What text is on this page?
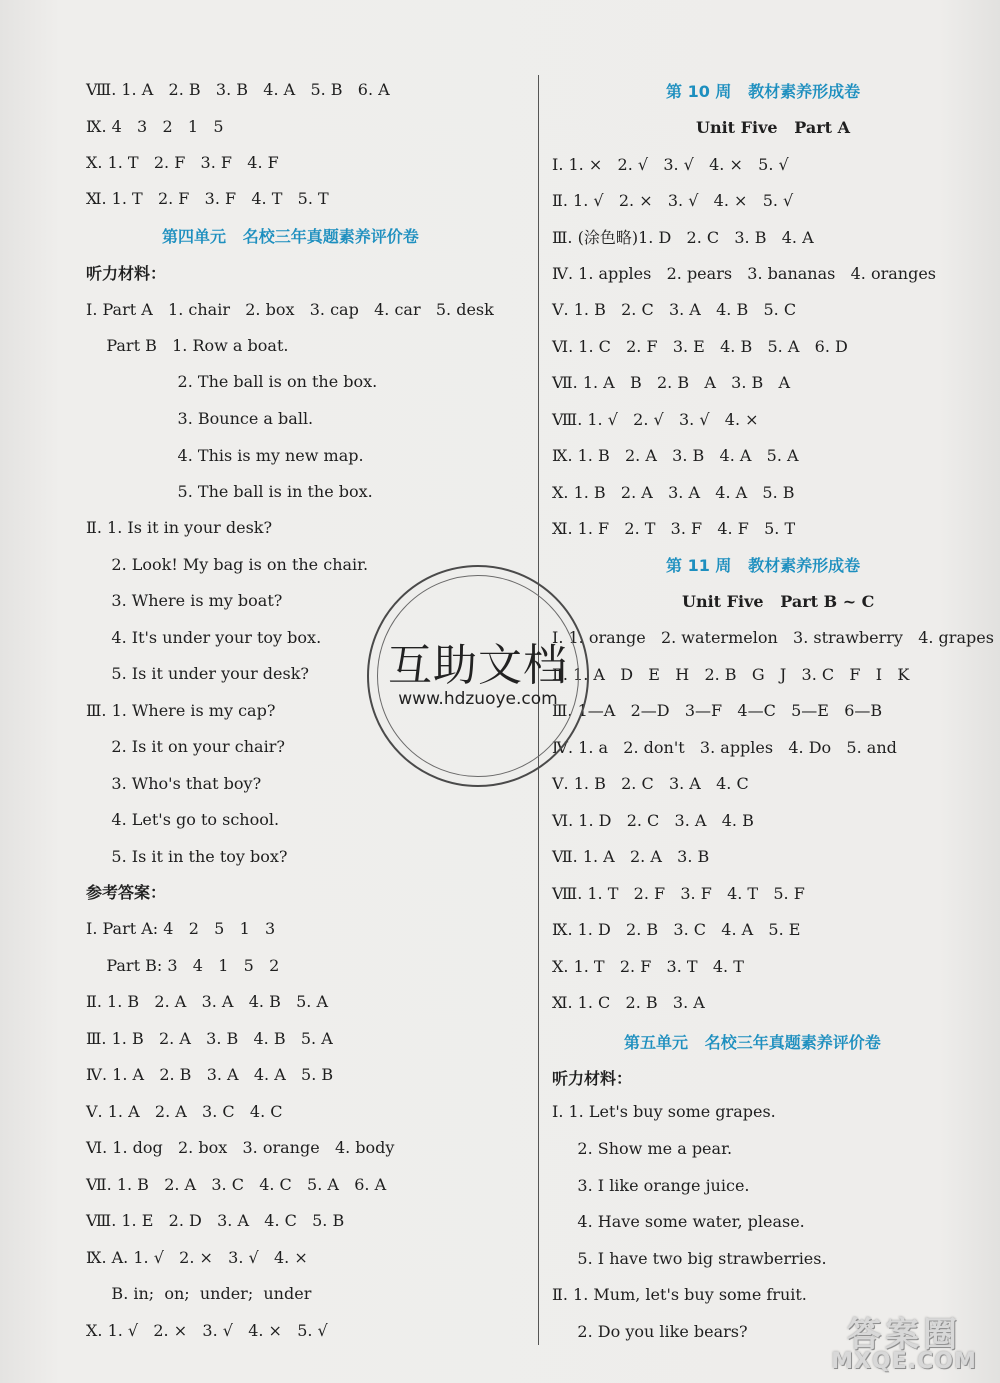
Ⅷ. 1. A   2. B   3. B   4. A   5. B   6. A
Ⅸ. 4   3   2   1   5
Ⅹ. 1. T   2. F   3. F   4. F
Ⅺ. 1. T   2. F   3. F   4. T   5. T
第四单元   名校三年真题素养评价卷
听力材料：
Ⅰ. Part A   1. chair   2. box   3. cap   4. car   5. desk
Part B   1. Row a boat.
2. The ball is on the box.
3. Bounce a ball.
4. This is my new map.
5. The ball is in the box.
Ⅱ. 1. Is it in your desk?
2. Look! My bag is on the chair.
3. Where is my boat?
4. It's under your toy box.
5. Is it under your desk?
Ⅲ. 1. Where is my cap?
2. Is it on your chair?
3. Who's that boy?
4. Let's go to school.
5. Is it in the toy box?
参考答案：
Ⅰ. Part A: 4   2   5   1   3
Part B: 3   4   1   5   2
Ⅱ. 1. B   2. A   3. A   4. B   5. A
Ⅲ. 1. B   2. A   3. B   4. B   5. A
Ⅳ. 1. A   2. B   3. A   4. A   5. B
Ⅴ. 1. A   2. A   3. C   4. C
Ⅵ. 1. dog   2. box   3. orange   4. body
Ⅶ. 1. B   2. A   3. C   4. C   5. A   6. A
Ⅷ. 1. E   2. D   3. A   4. C   5. B
Ⅸ. A. 1. √   2. ×   3. √   4. ×
B. in;  on;  under;  under
Ⅹ. 1. √   2. ×   3. √   4. ×   5. √
第 10 周   教材素养形成卷
Unit Five   Part A
Ⅰ. 1. ×   2. √   3. √   4. ×   5. √
Ⅱ. 1. √   2. ×   3. √   4. ×   5. √
Ⅲ. (涂色略)1. D   2. C   3. B   4. A
Ⅳ. 1. apples   2. pears   3. bananas   4. oranges
Ⅴ. 1. B   2. C   3. A   4. B   5. C
Ⅵ. 1. C   2. F   3. E   4. B   5. A   6. D
Ⅶ. 1. A   B   2. B   A   3. B   A
Ⅷ. 1. √   2. √   3. √   4. ×
Ⅸ. 1. B   2. A   3. B   4. A   5. A
Ⅹ. 1. B   2. A   3. A   4. A   5. B
Ⅺ. 1. F   2. T   3. F   4. F   5. T
第 11 周   教材素养形成卷
Unit Five   Part B ~ C
Ⅰ. 1. orange   2. watermelon   3. strawberry   4. grapes
Ⅱ. 1. A   D   E   H   2. B   G   J   3. C   F   I   K
Ⅲ. 1—A   2—D   3—F   4—C   5—E   6—B
Ⅳ. 1. a   2. don't   3. apples   4. Do   5. and
Ⅴ. 1. B   2. C   3. A   4. C
Ⅵ. 1. D   2. C   3. A   4. B
Ⅶ. 1. A   2. A   3. B
Ⅷ. 1. T   2. F   3. F   4. T   5. F
Ⅸ. 1. D   2. B   3. C   4. A   5. E
Ⅹ. 1. T   2. F   3. T   4. T
Ⅺ. 1. C   2. B   3. A
第五单元   名校三年真题素养评价卷
听力材料：
Ⅰ. 1. Let's buy some grapes.
2. Show me a pear.
3. I like orange juice.
4. Have some water, please.
5. I have two big strawberries.
Ⅱ. 1. Mum, let's buy some fruit.
2. Do you like bears?
互助文档
www.hdzuoye.com
答案圈
MXQE.COM
